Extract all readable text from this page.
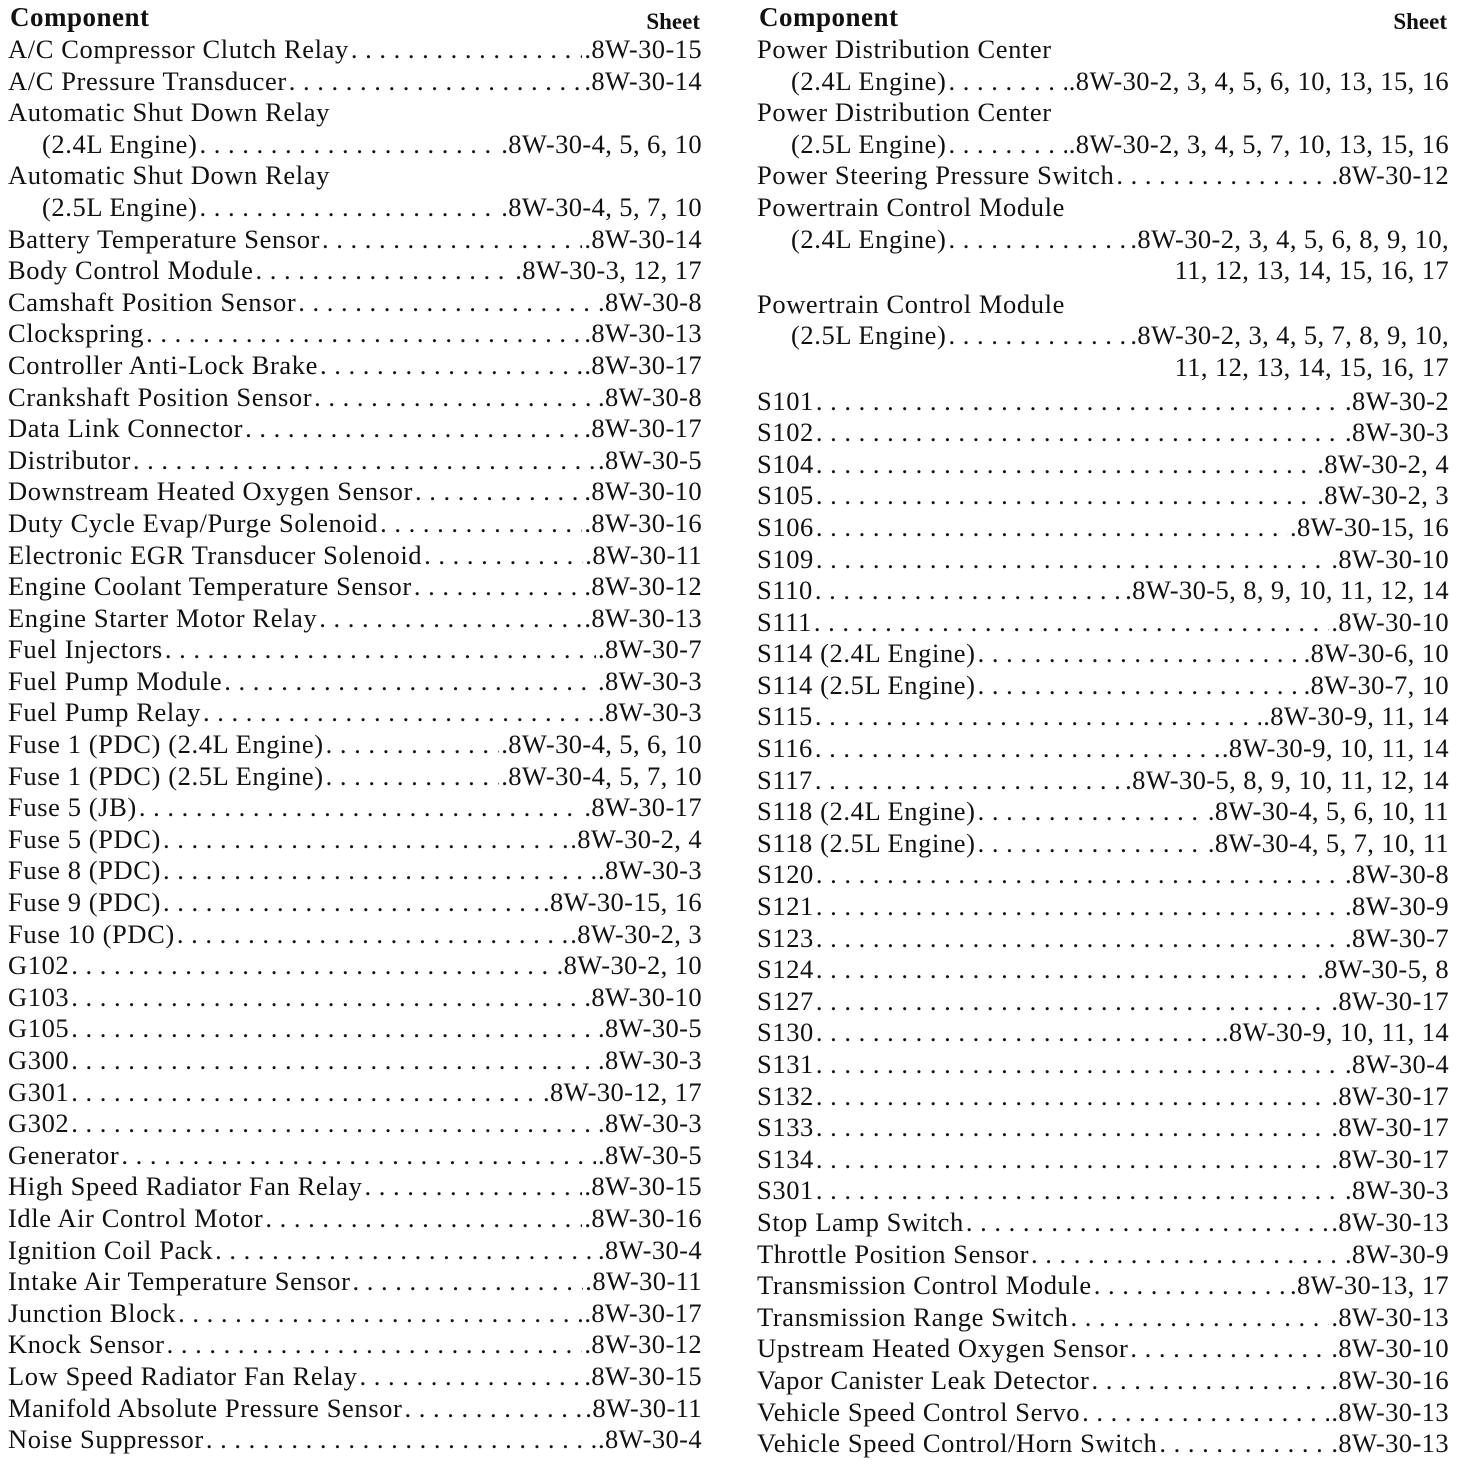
Component	Sheet
A/C Compressor Clutch Relay . . .	.8W-30-15
A/C Pressure Transducer . . .	.8W-30-14
Automatic Shut Down Relay
(2.4L Engine) . . .	.8W-30-4, 5, 6, 10
Automatic Shut Down Relay
(2.5L Engine) . . .	.8W-30-4, 5, 7, 10
Battery Temperature Sensor . . .	.8W-30-14
Body Control Module . . .	.8W-30-3, 12, 17
Camshaft Position Sensor . . .	.8W-30-8
Clockspring . . .	.8W-30-13
Controller Anti-Lock Brake . . .	.8W-30-17
Crankshaft Position Sensor . . .	.8W-30-8
Data Link Connector . . .	.8W-30-17
Distributor . . .	.8W-30-5
Downstream Heated Oxygen Sensor . . .	.8W-30-10
Duty Cycle Evap/Purge Solenoid . . .	.8W-30-16
Electronic EGR Transducer Solenoid . . .	.8W-30-11
Engine Coolant Temperature Sensor . . .	.8W-30-12
Engine Starter Motor Relay . . .	.8W-30-13
Fuel Injectors . . .	.8W-30-7
Fuel Pump Module . . .	.8W-30-3
Fuel Pump Relay . . .	.8W-30-3
Fuse 1 (PDC) (2.4L Engine) . . .	.8W-30-4, 5, 6, 10
Fuse 1 (PDC) (2.5L Engine) . . .	.8W-30-4, 5, 7, 10
Fuse 5 (JB) . . .	.8W-30-17
Fuse 5 (PDC) . . .	.8W-30-2, 4
Fuse 8 (PDC) . . .	.8W-30-3
Fuse 9 (PDC) . . .	.8W-30-15, 16
Fuse 10 (PDC) . . .	.8W-30-2, 3
G102 . . .	.8W-30-2, 10
G103 . . .	.8W-30-10
G105 . . .	.8W-30-5
G300 . . .	.8W-30-3
G301 . . .	.8W-30-12, 17
G302 . . .	.8W-30-3
Generator . . .	.8W-30-5
High Speed Radiator Fan Relay . . .	.8W-30-15
Idle Air Control Motor . . .	.8W-30-16
Ignition Coil Pack . . .	.8W-30-4
Intake Air Temperature Sensor . . .	.8W-30-11
Junction Block . . .	.8W-30-17
Knock Sensor . . .	.8W-30-12
Low Speed Radiator Fan Relay . . .	.8W-30-15
Manifold Absolute Pressure Sensor . . .	.8W-30-11
Noise Suppressor . . .	.8W-30-4
Component	Sheet
Power Distribution Center
(2.4L Engine) . . .	.8W-30-2, 3, 4, 5, 6, 10, 13, 15, 16
Power Distribution Center
(2.5L Engine) . . .	.8W-30-2, 3, 4, 5, 7, 10, 13, 15, 16
Power Steering Pressure Switch . . .	.8W-30-12
Powertrain Control Module
(2.4L Engine) . . .	.8W-30-2, 3, 4, 5, 6, 8, 9, 10,
11, 12, 13, 14, 15, 16, 17
Powertrain Control Module
(2.5L Engine) . . .	.8W-30-2, 3, 4, 5, 7, 8, 9, 10,
11, 12, 13, 14, 15, 16, 17
S101 . . .	.8W-30-2
S102 . . .	.8W-30-3
S104 . . .	.8W-30-2, 4
S105 . . .	.8W-30-2, 3
S106 . . .	.8W-30-15, 16
S109 . . .	.8W-30-10
S110 . . .	.8W-30-5, 8, 9, 10, 11, 12, 14
S111 . . .	.8W-30-10
S114 (2.4L Engine) . . .	.8W-30-6, 10
S114 (2.5L Engine) . . .	.8W-30-7, 10
S115 . . .	.8W-30-9, 11, 14
S116 . . .	.8W-30-9, 10, 11, 14
S117 . . .	.8W-30-5, 8, 9, 10, 11, 12, 14
S118 (2.4L Engine) . . .	.8W-30-4, 5, 6, 10, 11
S118 (2.5L Engine) . . .	.8W-30-4, 5, 7, 10, 11
S120 . . .	.8W-30-8
S121 . . .	.8W-30-9
S123 . . .	.8W-30-7
S124 . . .	.8W-30-5, 8
S127 . . .	.8W-30-17
S130 . . .	.8W-30-9, 10, 11, 14
S131 . . .	.8W-30-4
S132 . . .	.8W-30-17
S133 . . .	.8W-30-17
S134 . . .	.8W-30-17
S301 . . .	.8W-30-3
Stop Lamp Switch . . .	.8W-30-13
Throttle Position Sensor . . .	.8W-30-9
Transmission Control Module . . .	.8W-30-13, 17
Transmission Range Switch . . .	.8W-30-13
Upstream Heated Oxygen Sensor . . .	.8W-30-10
Vapor Canister Leak Detector . . .	.8W-30-16
Vehicle Speed Control Servo . . .	.8W-30-13
Vehicle Speed Control/Horn Switch . . .	.8W-30-13
